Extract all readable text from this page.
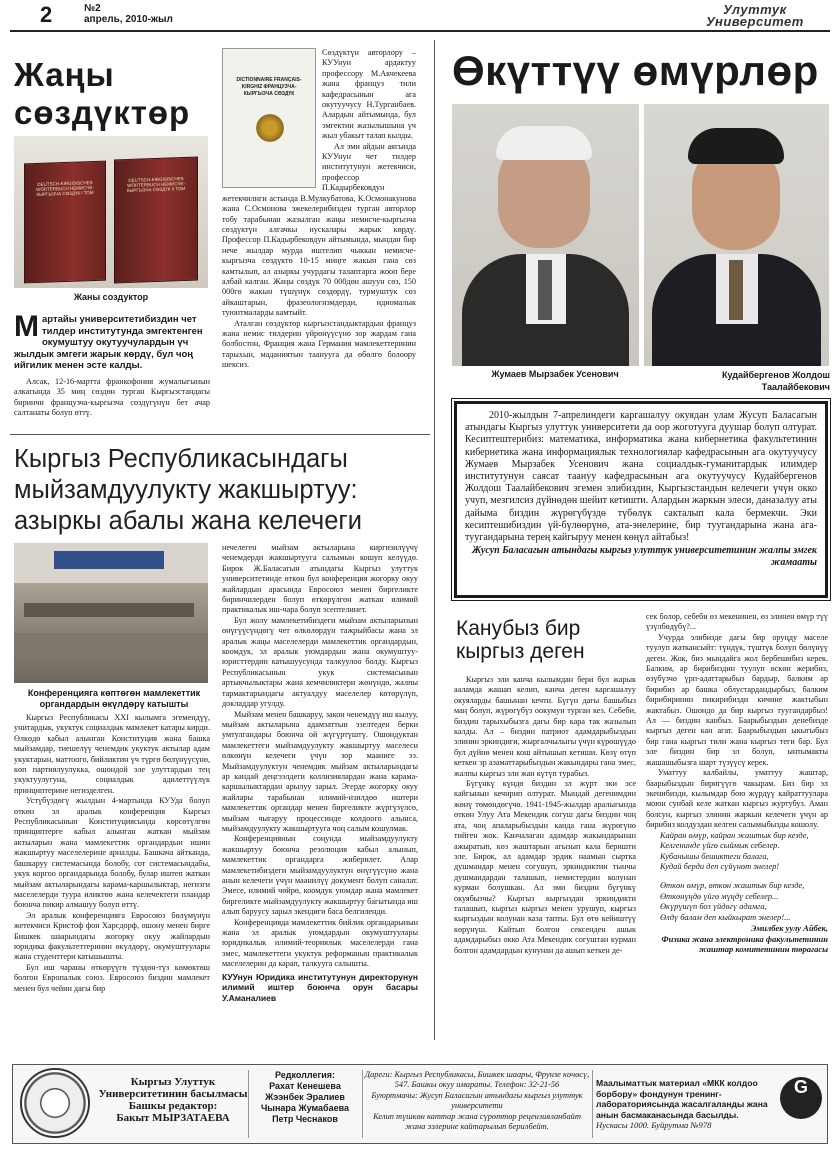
2	№2
апрель, 2010-жыл
Улуттук
Университет
Жаңы
сөздүктөр
DEUTSCH-KIRGISISCHES WÖRTERBUCH НЕМИСЧЕ-КЫРГЫЗЧА СӨЗДҮК I ТОМ
DEUTSCH-KIRGISISCHES WÖRTERBUCH НЕМИСЧЕ-КЫРГЫЗЧА СӨЗДҮК II ТОМ
Жаны создуктор
Мартайы университетибиздин чет тилдер институтунда эмгектенген окумуштуу окутуучулардын үч жылдык эмгеги жарык көрдү, бул чоң ийгилик менен эсте калды.

Алсак, 12-16-мартта франкофония жумалыгынын алкагында 35 миң сөздөн турган Кыргызстандагы биринчи французча-кыргызча сөздүгүнүн бет ачар салтанаты болуп өттү.

DICTIONNAIRE FRANÇAIS-KIRGHIZ ФРАНЦУЗЧА-КЫРГЫЗЧА СӨЗДҮК

Сөздүктүн авторлору – КУУнун ардактуу профессору М.Акчекеева жана француз тили кафедрасынын ага окутуучусу Н.Турганбаев. Алардын айтымында, бул эмгектин жазылышына үч жыл убакыт талап кылды.

Ал эми айдын аягында КУУнун чет тилдер институтунун жетекчиси, профессор П.Кадырбековдун жетекчилиги астында В.Мулкубатова, К.Осмонакунова жана С.Осмонова эжекелерибизден турган авторлор тобу тарабынан жазылган жаңы немисче-кыргызча сөздүктүн алгачкы нускалары жарык көрдү. Профессор П.Кадырбековдун айтымында, мындан бир нече жылдар мурда иштелип чыккан немисче-кыргызча сөздүктө 10-15 миңге жакын гана сөз камтылып, ал азыркы учурдагы талаптарга жооп бере албай калган. Жаңы сөздүк 70 000дөн ашуун сөз, 150 000гө жакын түшүнүк сөздөрдү, турмуштук сөз айкаштарын, фразеологизмдерди, идиомалык туюнтмаларды камтыйт.

Аталган сөздүктөр кыргызстандыктардын француз жана немис тилдерин үйрөнүүсүнө зор жардам гана болбостон, Франция жана Германия мамлекеттеринин тарыхын, маданиятын таанууга да өбөлгө болоору шексиз.

Кыргыз Республикасындагы мыйзамдуулукту жакшыртуу: азыркы абалы жана келечеги
Конференцияга көптөгөн мамлекеттик органдардын өкүлдөрү катышты

Кыргыз Республикасы XXI кылымга эгемендүү, унитардык, укуктук социалдык мамлекет катары кирди. Өлкөдө кабыл алынган Конституция жана башка мыйзамдар, тиешелүү ченемдик укуктук актылар адам укуктарын, маттоого, бийликтин үч түргө бөлүнүүсүнө, көп партиялуулукка, ошондой эле улуттардын тең укуктуулугуна, социалдык адилеттүүлүк принциптерине негизделген.

Устүбүздөгү жылдын 4-мартында КУУда болуп өткөн эл аралык конференция Кыргыз Республикасынын Конституциясында көрсөтүлгөн принциптерге кабыл алынган жаткан мыйзам актыларын жана мамлекеттик органдардын ишин жакшыртуу маселелерине арналды. Башкача айтканда, башкаруу системасында болобу, сот системасындабы, укук коргоо органдарында болобу, булар иштеп жаткан мыйзам актыларындагы карама-каршылыктар, негизги маселелерди туура иликтөө жана келечектеги пландар боюнча пикир алмашуу болуп өттү.

Эл аралык конференцияга Евросоюз бөлүмүнүн жетекчиси Кристоф фон Харсдорф, ошону менен бирге Бишкек шаарындагы жогорку окуу жайлардын юридика факультеттеринин өкүлдөрү, окумуштуулары жана студенттери катышышты.

Бул иш чараны өткөрүүгө түздөн-түз көмөктөш болгон Европалык союз. Евросоюз биздин мамлекет менен бул чейин дагы бир

нечелеген мыйзам актыларына киргизилүүчү ченемдерди жакшыртууга салымын кошуп келүүдө. Бирок Ж.Баласагын атындагы Кыргыз улуттук университетинде өткөн бул конференция жогорку окуу жайлардын арасында Евросоюз менен биргеликте биринчилерден болуп өткөрүлгөн жаткан илимий практикалык иш-чара болуп эсептелинет.

Бул жолу мамлекетибиздеги мыйзам актыларынын өнүгүүсүндөгү чет өлкөлөрдүн тажрыйбасы жана эл аралык жаңы маселелерди мамлекеттик органдардын, коомдук, эл аралык уюмдардын жана окумуштуу-юристтердин катышуусунда талкуулоо болду. Кыргыз Республикасынын укук системасынын артыкчылыктары жана кемчиликтери жөнүндө, жалпы тармактарындагы актуалдуу маселелер көтөрүлүп, докладдар угулду.

Мыйзам менен башкаруу, закон ченемдүү иш кылуу, мыйзам актыларына адамзаттын эзелтеден берки умтулгандары боюнча ой жүгүртүштү. Ошондуктан мамлекеттеги мыйзамдуулукту жакшыртуу маселеси өлкөнүн келечеги үчүн зор мааниге ээ. Мыйзамдуулуктун ченемдик мыйзам актыларындагы ар кандай деңгээлдеги коллизиялардан жана карама-каршылыктардан арылуу зарыл. Эгерде жогорку окуу жайлары тарабынан илимий-изилдөө иштери мамлекеттик органдар менен биргеликте жүргүзүлсө, мыйзам чыгаруу процессинде колдоого алынса, мыйзамдуулукту жакшыртууга чоң салым кошулмак.

Конференциянын соңунда мыйзамдуулукту жакшыртуу боюнча резолюция кабыл алынып, мамлекеттик органдарга жиберилет. Алар мамлекетибиздеги мыйзамдуулуктун өнүгүүсүнө жана анын келечеги үчүн маанилүү документ болуп саналат. Эмесе, илимий чөйрө, коомдук уюмдар жана мамлекет биргеликте мыйзамдуулукту жакшыртуу багытында иш алып баруусу зарыл экендиги баса белгиленди.

Конференцияда мамлекеттик бийлик органдарынын жана эл аралык уюмдардын окумуштуулары юридикалык илимий-теориялык маселелерди гана эмес, мамлекеттеги укуктук реформанын практикалык маселелерин да карап, талкууга салышты.

КУУнун Юридика институтунун директорунун илимий иштер боюнча орун басары У.Аманалиев
Өкүттүү өмүрлөр
Жумаев Мырзабек Усенович	Кудайбергенов Жолдош
Таалайбекович

2010-жылдын 7-апрелиндеги каргашалуу окуядан улам Жусуп Баласагын атындагы Кыргыз улуттук университети да оор жоготууга дуушар болуп олтурат. Кесиптештерибиз: математика, информатика жана кибернетика факультетинин кибернетика жана информациялык технологиялар кафедрасынын ага окутуучусу Жумаев Мырзабек Усенович жана социалдык-гуманитардык илимдер институтунун саясат таануу кафедрасынын ага окутуучусу Кудайбергенов Жолдош Таалайбекович эгемен элибиздин, Кыргызстандын келечеги үчүн окко учуп, мезгилсиз дүйнөдөн шейит кетишти. Алардын жаркын элеси, даназалуу аты дайыма биздин жүрөгүбүздө түбөлүк сакталып кала бермекчи. Эки кесиптешибиздин үй-бүлөөрүнө, ата-энелерине, бир туугандарына жана ага-туугандарына терең кайгыруу менен көңүл айтабыз!

Жусуп Баласагын атындагы кыргыз улуттук университетинин жалпы эмгек жамааты
Канубыз бир
кыргыз деген

Кыргыз эли канча кылымдан бери бул жарык ааламда жашап келип, канча деген каргашалуу окуяларды башынан кечти. Бүгүн дагы башыбыз маң болуп, жүрөгүбүз оокумун турган кез. Себеби, биздин тарыхыбызга дагы бир кара так жазылып калды. Ал – биздин патриот адамдарыбыздын элинин эркиндиги, жыргалчылыгы үчүн күрөшүүдө бул дүйнө менен кош айтышып кетиши. Көзү өтүп кеткен эр азаматтарыбыздын жакындары гана эмес, жалпы кыргыз эли жан күтүп турабыз.

Бүгүнкү күндө биздин эл жүрт эки эсе кайгынын кечирип олтурат. Мындай дегенимдин жөнү төмөндөгүчө. 1941-1945-жылдар аралыгында өткөн Улуу Ата Мекендик согуш дагы биздин чоң ата, чоң апаларыбыздын канда гана жүрөгүнө тийген жок. Канчалаган адамдар жакындарынан ажыратып, көз жаштарын агызып кала беришти эле. Бирок, ал адамдар эрдик наамын сыртка душмандар менен согушуп, эркиндиктин тынчы душмандардан талашып, немистердин колунан курман болушкан. Ал эми биздин бүгүнкү окуябызчы? Кыргыз кыргыздан эркиндикти талашып, кыргыз кыргыз менен урушуп, кыргыз кыргыздын колунан каза тапты. Бул өтө кейиштүү көрүнүш. Кайтып болгон сексенден ашык адамдарыбыз окко Ата Мекендик согуштан курман болгон адамдардын кунунан да ашып кеткен де-

сек болор, себеби өз мекенинен, өз элинен өмүр түү үзүлбөдүбү?...

Учурда элибизде дагы бир оруңду маселе туулуп жаткансыйт: түндүк, түштүк болуп бөлүнүү деген. Жок, биз мындайга жол бербешибиз керек. Балким, ар бирибиздин туулуп өскөн жерибиз, өзүбүзчө үрп-адаттарыбыз бардыр, балким ар бирибиз ар башка облустардандырбыз, балким бирибиринин пикирибизди кичине жактыбын жактабыз. Ошондо да бир кыргыз туугандарбыз! Ал — биздин канбыз. Баарыбыздын денебизде кыргыз деген кан агат. Баарыбыздын ыкыгыбыз бир гана кыргыз тили жана кыргыз теги бар. Бул эле биздин бир эл болуп, ынтымакты жашашыбызга шарт түзүүсү керек.

Уматтуу калбайлы, уматтуу жаштар, баарыбыздын биригүүгө чакырам. Биз бир эл экенибизди, кылымдар бою жүрдүү кайраттуулара моюн сунбай келе жаткан кыргыз журтубуз. Аман болсун, кыргыз элинин жаркын келечеги үчүн ар бирибиз колдуздан келген салымыбызды кошолу.

Кайран өмүр, кайран жаштык бир кезде,
Келгенинде үйгө сыймык себелер.
Кубанышы бешиктеги балага,
Кудай берди деп сүйүнөт энелер!
Өткөн өмүр, өткөн жаштык бир кезде,
Өткөнүңдө үйгө мүңдү себелер...
Өкүрүшүп боз үйдөгү адамга,
Өлдү балам деп кыйкырат энелер!...
Эмилбек уулу Айбек,
Физика жана электроника факультетинин жаштар комитетинин төрагасы
Кыргыз Улуттук Университетинин басылмасы
Башкы редактор:
Бакыт МЫРЗАТАЕВА
Редколлегия:
Рахат Кенешева
Жээнбек Эралиев
Чынара Жумабаева
Петр Чеснаков
Дареги: Кыргыз Республикасы, Бишкек шаары, Фрунзе көчөсү, 547. Башкы окуу имараты. Телефон: 32-21-56
Буюртмачы: Жусуп Баласагын атындагы кыргыз улуттук университети
Келип түшкөн каттар жана сүрөттөр рецензияланбайт жана ээлерине кайтарылып берилбейт.
Маалыматтык материал «МКК колдоо борбору» фондунун тренинг-лабораториясында жасалгаланды жана анын басмаканасында басылды.
Нускасы 1000. Буйрутма №978
G
